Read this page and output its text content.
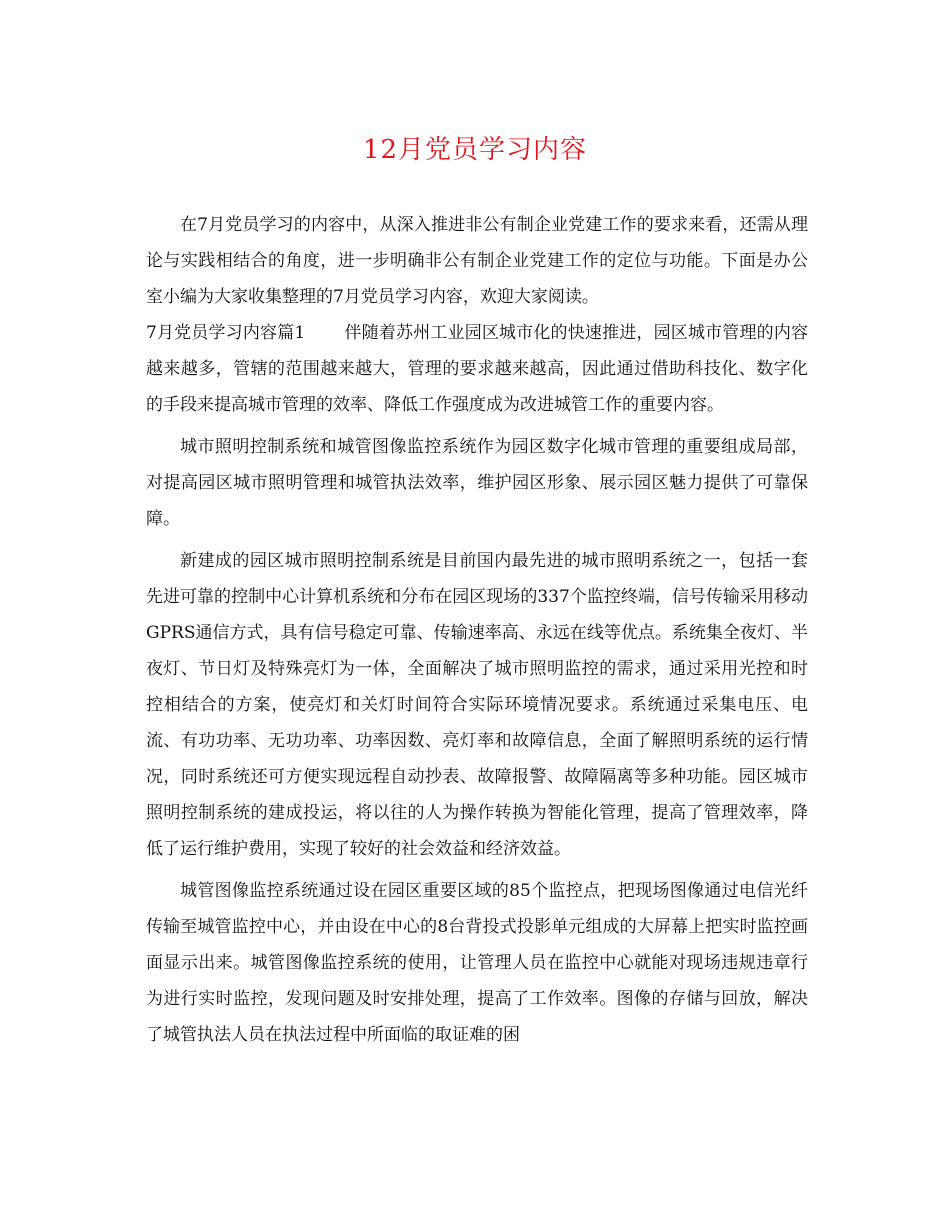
12月党员学习内容

在7月党员学习的内容中，从深入推进非公有制企业党建工作的要求来看，还需从理论与实践相结合的角度，进一步明确非公有制企业党建工作的定位与功能。下面是办公室小编为大家收集整理的7月党员学习内容，欢迎大家阅读。

7月党员学习内容篇1 伴随着苏州工业园区城市化的快速推进，园区城市管理的内容越来越多，管辖的范围越来越大，管理的要求越来越高，因此通过借助科技化、数字化的手段来提高城市管理的效率、降低工作强度成为改进城管工作的重要内容。

城市照明控制系统和城管图像监控系统作为园区数字化城市管理的重要组成局部，对提高园区城市照明管理和城管执法效率，维护园区形象、展示园区魅力提供了可靠保障。

新建成的园区城市照明控制系统是目前国内最先进的城市照明系统之一，包括一套先进可靠的控制中心计算机系统和分布在园区现场的337个监控终端，信号传输采用移动GPRS通信方式，具有信号稳定可靠、传输速率高、永远在线等优点。系统集全夜灯、半夜灯、节日灯及特殊亮灯为一体，全面解决了城市照明监控的需求，通过采用光控和时控相结合的方案，使亮灯和关灯时间符合实际环境情况要求。系统通过采集电压、电流、有功功率、无功功率、功率因数、亮灯率和故障信息，全面了解照明系统的运行情况，同时系统还可方便实现远程自动抄表、故障报警、故障隔离等多种功能。园区城市照明控制系统的建成投运，将以往的人为操作转换为智能化管理，提高了管理效率，降低了运行维护费用，实现了较好的社会效益和经济效益。

城管图像监控系统通过设在园区重要区域的85个监控点，把现场图像通过电信光纤传输至城管监控中心，并由设在中心的8台背投式投影单元组成的大屏幕上把实时监控画面显示出来。城管图像监控系统的使用，让管理人员在监控中心就能对现场违规违章行为进行实时监控，发现问题及时安排处理，提高了工作效率。图像的存储与回放，解决了城管执法人员在执法过程中所面临的取证难的困
